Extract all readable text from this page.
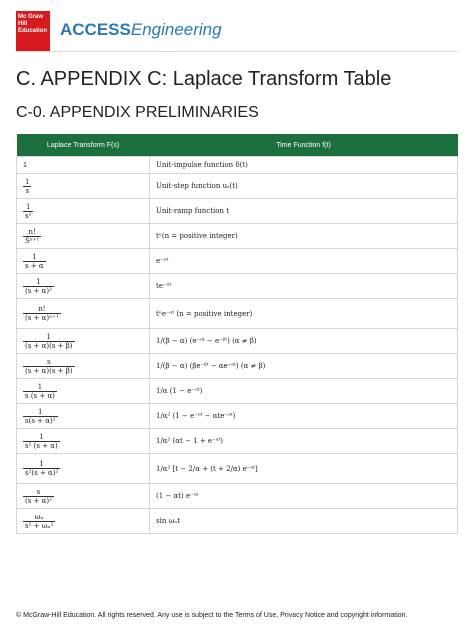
Mc Graw Hill Education ACCESSEngineering
C. APPENDIX C: Laplace Transform Table
C-0. APPENDIX PRELIMINARIES
Laplace Transform F(s)	Time Function f(t)
1	Unit-impulse function δ(t)

$\frac{1}{s}$	Unit-step function uₛ(t)

$\frac{1}{\text{s²}}$	Unit-ramp function t

$\frac{n!}{\text{Sⁿ⁺¹}}$	tⁿ(n = positive integer)

$\frac{1}{s + \alpha}$	e⁻ᵅᵗ

$\frac{1}{\text{(s + α)²}}$	te⁻ᵅᵗ

$\frac{n!}{\text{(s + α)ⁿ⁺¹}}$	tⁿe⁻ᵅᵗ (n = positive integer)

$\frac{1}{(s + \alpha)(s + \beta)}$	1/(β − α) (e⁻ᵅᵗ − e⁻ᵝᵗ) (α ≠ β)

$\frac{s}{(s + \alpha)(s + \beta)}$	1/(β − α) (βe⁻ᵝᵗ − αe⁻ᵅᵗ) (α ≠ β)

$\frac{1}{s (s + \alpha)}$	1/α (1 − e⁻ᵅᵗ)

$\frac{1}{\text{s(s + α)²}}$	1/α² (1 − e⁻ᵅᵗ − αte⁻ᵅᵗ)

$\frac{1}{\text{s² (s + α)}}$	1/α² (αt − 1 + e⁻ᵅᵗ)

$\frac{1}{\text{s²(s + α)²}}$	1/α² [t − 2/α + (t + 2/α) e⁻ᵅᵗ]

$\frac{s}{\text{(s + α)²}}$	(1 − αt) e⁻ᵅᵗ

$\frac{\text{ωₙ}}{\text{s² + ωₙ²}}$	sin ωₙt
© McGraw-Hill Education. All rights reserved. Any use is subject to the Terms of Use, Privacy Notice and copyright information.
